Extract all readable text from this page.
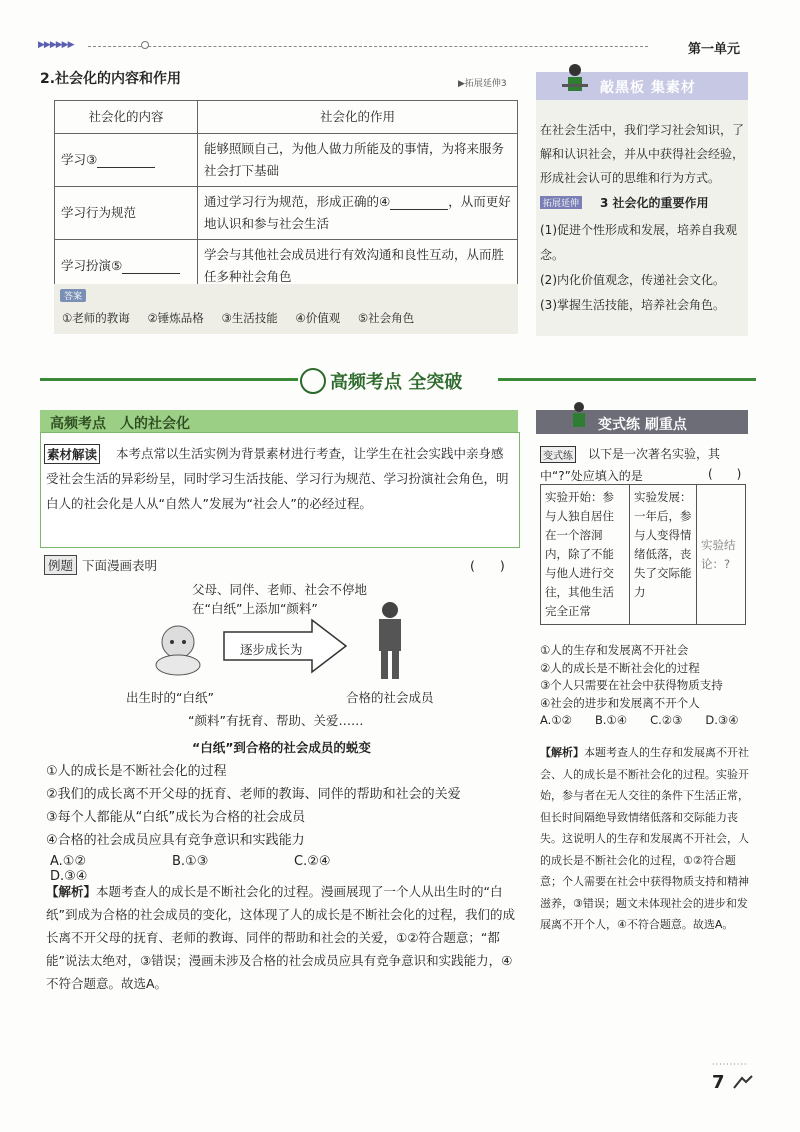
▶▶▶▶▶▶	第一单元
2.社会化的内容和作用	▶拓展延伸3
社会化的内容	社会化的作用
学习③	能够照顾自己，为他人做力所能及的事情，为将来服务社会打下基础
学习行为规范	通过学习行为规范，形成正确的④ ，从而更好地认识和参与社会生活
学习扮演⑤	学会与其他社会成员进行有效沟通和良性互动，从而胜任多种社会角色
答案
①老师的教诲 ②锤炼品格 ③生活技能 ④价值观 ⑤社会角色
敲黑板 集素材
在社会生活中，我们学习社会知识，了解和认识社会，并从中获得社会经验，形成社会认可的思维和行为方式。
拓展延伸 3 社会化的重要作用
(1)促进个性形成和发展，培养自我观念。
(2)内化价值观念，传递社会文化。
(3)掌握生活技能，培养社会角色。
高频考点 全突破
高频考点　人的社会化
本考点常以生活实例为背景素材进行考查，让学生在社会实践中亲身感受社会生活的异彩纷呈，同时学习生活技能、学习行为规范、学习扮演社会角色，明白人的社会化是人从“自然人”发展为“社会人”的必经过程。
素材解读
例题 下面漫画表明	(　　)
父母、同伴、老师、社会不停地在“白纸”上添加“颜料”
逐步成长为
出生时的“白纸”	合格的社会成员
“颜料”有抚育、帮助、关爱……
“白纸”到合格的社会成员的蜕变
①人的成长是不断社会化的过程
②我们的成长离不开父母的抚育、老师的教诲、同伴的帮助和社会的关爱
③每个人都能从“白纸”成长为合格的社会成员
④合格的社会成员应具有竞争意识和实践能力
A.①②	B.①③	C.②④D.③④
【解析】本题考查人的成长是不断社会化的过程。漫画展现了一个人从出生时的“白纸”到成为合格的社会成员的变化，这体现了人的成长是不断社会化的过程，我们的成长离不开父母的抚育、老师的教诲、同伴的帮助和社会的关爱，①②符合题意；“都能”说法太绝对，③错误；漫画未涉及合格的社会成员应具有竞争意识和实践能力，④不符合题意。故选A。
变式练 刷重点
以下是一次著名实验，其中“?”处应填入的是
变式练
(　　)
实验开始：参与人独自居住在一个溶洞内，除了不能与他人进行交往，其他生活完全正常	实验发展：一年后，参与人变得情绪低落，丧失了交际能力	实验结论：?
①人的生存和发展离不开社会
②人的成长是不断社会化的过程
③个人只需要在社会中获得物质支持
④社会的进步和发展离不开个人
A.①②　　B.①④　　C.②③　　D.③④
【解析】本题考查人的生存和发展离不开社会、人的成长是不断社会化的过程。实验开始，参与者在无人交往的条件下生活正常，但长时间隔绝导致情绪低落和交际能力丧失。这说明人的生存和发展离不开社会，人的成长是不断社会化的过程，①②符合题意；个人需要在社会中获得物质支持和精神滋养，③错误；题文未体现社会的进步和发展离不开个人，④不符合题意。故选A。
··········
7
